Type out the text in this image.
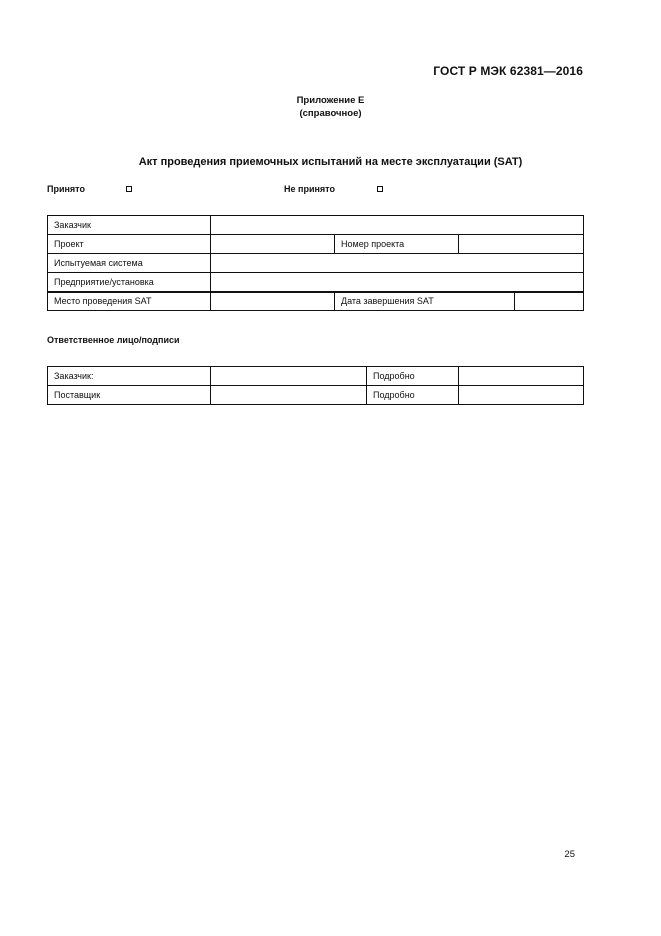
ГОСТ Р МЭК 62381—2016
Приложение E
(справочное)
Акт проведения приемочных испытаний на месте эксплуатации (SAT)
Принято	Не принято
Заказчик				
Проект		Номер проекта		
Испытуемая система				
Предприятие/установка				
Место проведения SAT		Дата завершения SAT		
Ответственное лицо/подписи
Заказчик:		Подробно	
Поставщик		Подробно	
25
